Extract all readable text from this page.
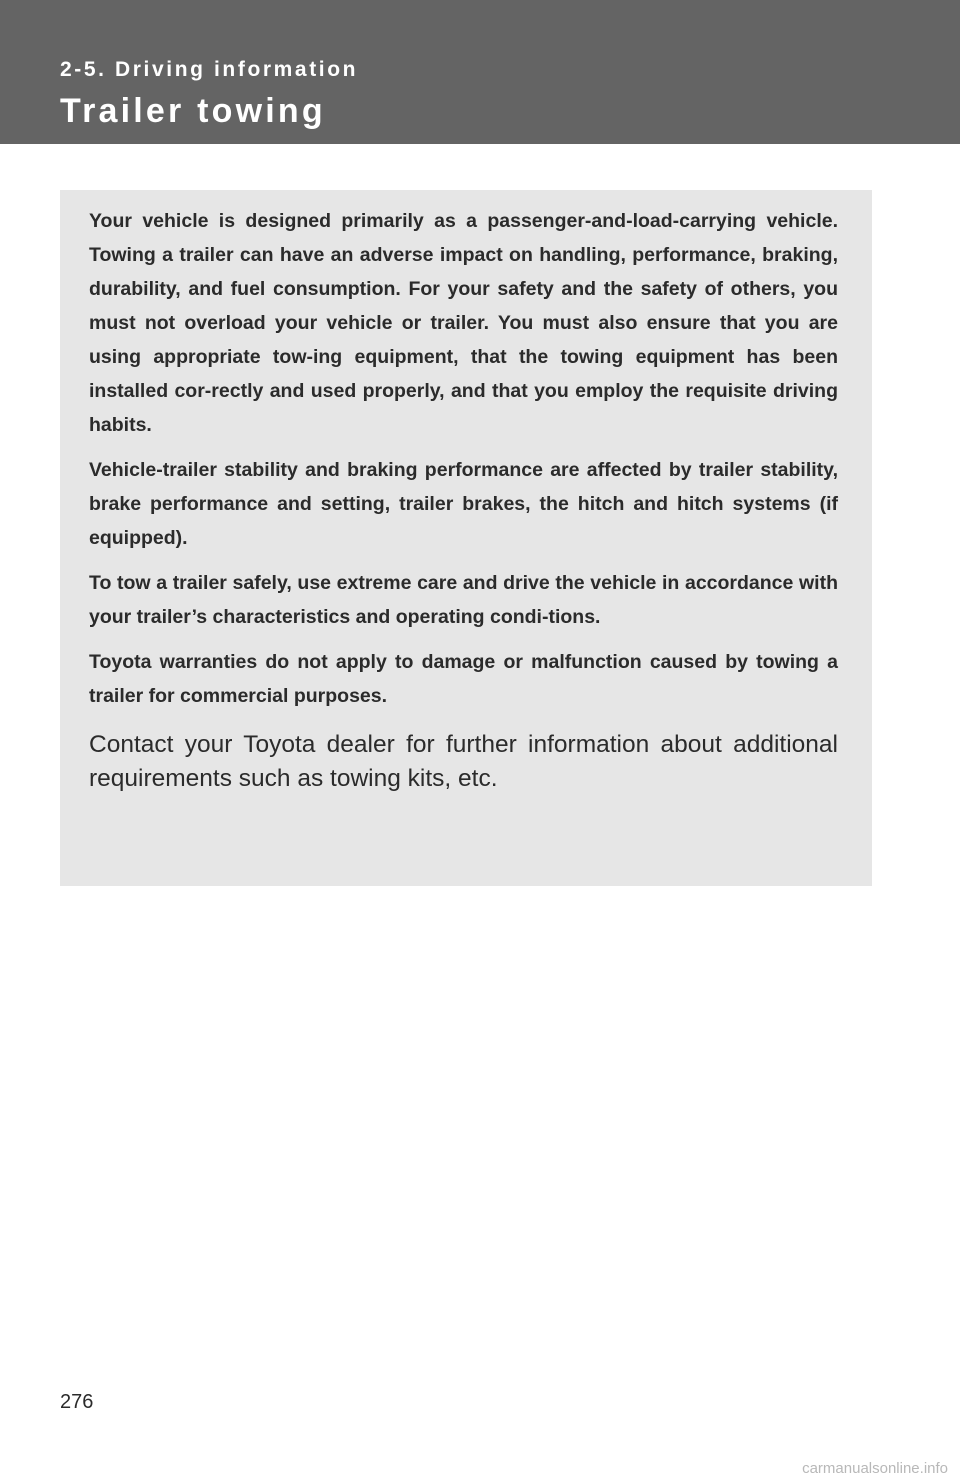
2-5. Driving information
Trailer towing

Your vehicle is designed primarily as a passenger-and-load-carrying vehicle. Towing a trailer can have an adverse impact on handling, performance, braking, durability, and fuel consumption. For your safety and the safety of others, you must not overload your vehicle or trailer. You must also ensure that you are using appropriate tow-ing equipment, that the towing equipment has been installed cor-rectly and used properly, and that you employ the requisite driving habits.

Vehicle-trailer stability and braking performance are affected by trailer stability, brake performance and setting, trailer brakes, the hitch and hitch systems (if equipped).

To tow a trailer safely, use extreme care and drive the vehicle in accordance with your trailer’s characteristics and operating condi-tions.

Toyota warranties do not apply to damage or malfunction caused by towing a trailer for commercial purposes.

Contact your Toyota dealer for further information about additional requirements such as towing kits, etc.

276
carmanualsonline.info
